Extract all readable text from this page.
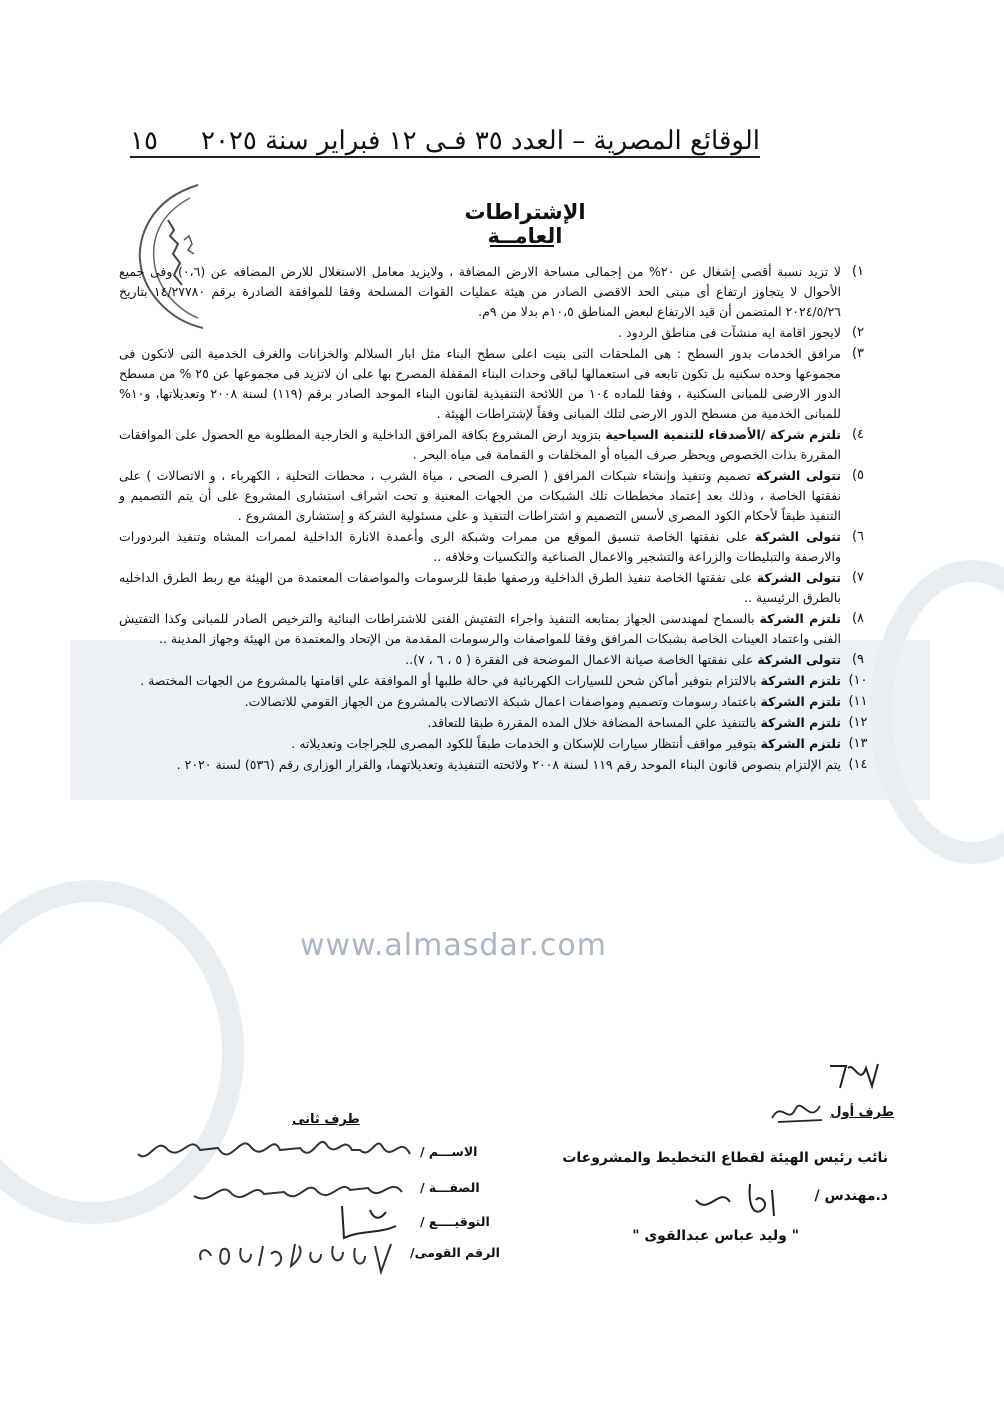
www.almasdar.com
الوقائع المصرية – العدد ٣٥ فـى ١٢ فبراير سنة ٢٠٢٥
١٥
الإشتراطات العامــة
١)
لا تزيد نسبة أقصى إشغال عن ٢٠% من إجمالى مساحة الارض المضافة ، ولايزيد معامل الاستغلال للارض المضافه عن (٠،٦) وفى جميع الأحوال لا يتجاوز ارتفاع أى مبنى الحد الاقصى الصادر من هيئة عمليات القوات المسلحة وفقا للموافقة الصادرة برقم ١٤/٢٧٧٨٠ بتاريخ ٢٠٢٤/٥/٢٦ المتضمن أن قيد الارتفاع لبعض المناطق ١٠،٥م بدلا من ٩م.
٢)
لايجوز اقامة ايه منشآت فى مناطق الردود .
٣)
مرافق الخدمات بدور السطح : هى الملحقات التى بنيت اعلى سطح البناء مثل ابار السلالم والخزانات والغرف الخدمية التى لاتكون فى مجموعها وحده سكنيه بل تكون تابعه فى استعمالها لباقى وحدات البناء المقفلة المصرح بها على ان لاتزيد فى مجموعها عن ٢٥ % من مسطح الدور الارضى للمبانى السكنية ، وفقا للماده ١٠٤ من اللائحة التنفيذية لقانون البناء الموحد الصادر برقم (١١٩) لسنة ٢٠٠٨ وتعديلاتها، و١٠% للمبانى الخدمية من مسطح الدور الارضى لتلك المبانى وفقاً لإشتراطات الهيئة .
٤)
تلتزم شركة /الأصدقاء للتنمية السياحية بتزويد ارض المشروع بكافة المرافق الداخلية و الخارجية المطلوبة مع الحصول على الموافقات المقررة بذات الخصوص ويحظر صرف المياه أو المخلفات و القمامة فى مياه البحر .
٥)
تتولى الشركة تصميم وتنفيذ وإنشاء شبكات المرافق ( الصرف الصحى ، مياة الشرب ، محطات التحلية ، الكهرباء ، و الاتصالات ) على نفقتها الخاصة ، وذلك بعد إعتماد مخططات تلك الشبكات من الجهات المعنية و تحت اشراف استشارى المشروع على أن يتم التصميم و التنفيذ طبقاً لأحكام الكود المصرى لأسس التصميم و اشتراطات التنفيذ و على مسئولية الشركة و إستشارى المشروع .
٦)
تتولى الشركة على نفقتها الخاصة تنسيق الموقع من ممرات وشبكة الرى وأعمدة الانارة الداخلية لممرات المشاه وتنفيذ البردورات والارصفة والتبليطات والزراعة والتشجير والاعمال الصناعية والتكسيات وخلافه ..
٧)
تتولى الشركة على نفقتها الخاصة تنفيذ الطرق الداخلية ورصفها طبقا للرسومات والمواصفات المعتمدة من الهيئة مع ربط الطرق الداخليه بالطرق الرئيسية ..
٨)
تلتزم الشركة بالسماح لمهندسى الجهاز بمتابعه التنفيذ واجراء التفتيش الفنى للاشتراطات البنائية والترخيص الصادر للمبانى وكذا التفتيش الفنى واعتماد العينات الخاصة بشبكات المرافق وفقا للمواصفات والرسومات المقدمة من الإتحاد والمعتمدة من الهيئة وجهاز المدينة ..
٩)
تتولى الشركة على نفقتها الخاصة صيانة الاعمال الموضحة فى الفقرة ( ٥ ، ٦ ، ٧)..
١٠)
تلتزم الشركة بالالتزام بتوفير أماكن شحن للسيارات الكهربائية في حالة طلبها أو الموافقة علي اقامتها بالمشروع من الجهات المختصة .
١١)
تلتزم الشركة باعتماد رسومات وتصميم ومواصفات اعمال شبكة الاتصالات بالمشروع من الجهاز القومي للاتصالات.
١٢)
تلتزم الشركة بالتنفيذ علي المساحة المضافة خلال المده المقررة طبقا للتعاقد.
١٣)
تلتزم الشركة بتوفير مواقف أنتظار سيارات للإسكان و الخدمات طبقاً للكود المصرى للجراجات وتعديلاته .
١٤)
يتم الإلتزام بنصوص قانون البناء الموحد رقم ١١٩ لسنة ٢٠٠٨ ولائحته التنفيذية وتعديلاتهما، والقرار الوزارى رقم (٥٣٦) لسنة ٢٠٢٠ .
طرف أول
نائب رئيس الهيئة لقطاع التخطيط والمشروعات
د.مهندس /
" وليد عباس عبدالقوى "
طرف ثانى
الاســـم /
الصفـــة /
التوقيــــع /
الرقم القومى/
